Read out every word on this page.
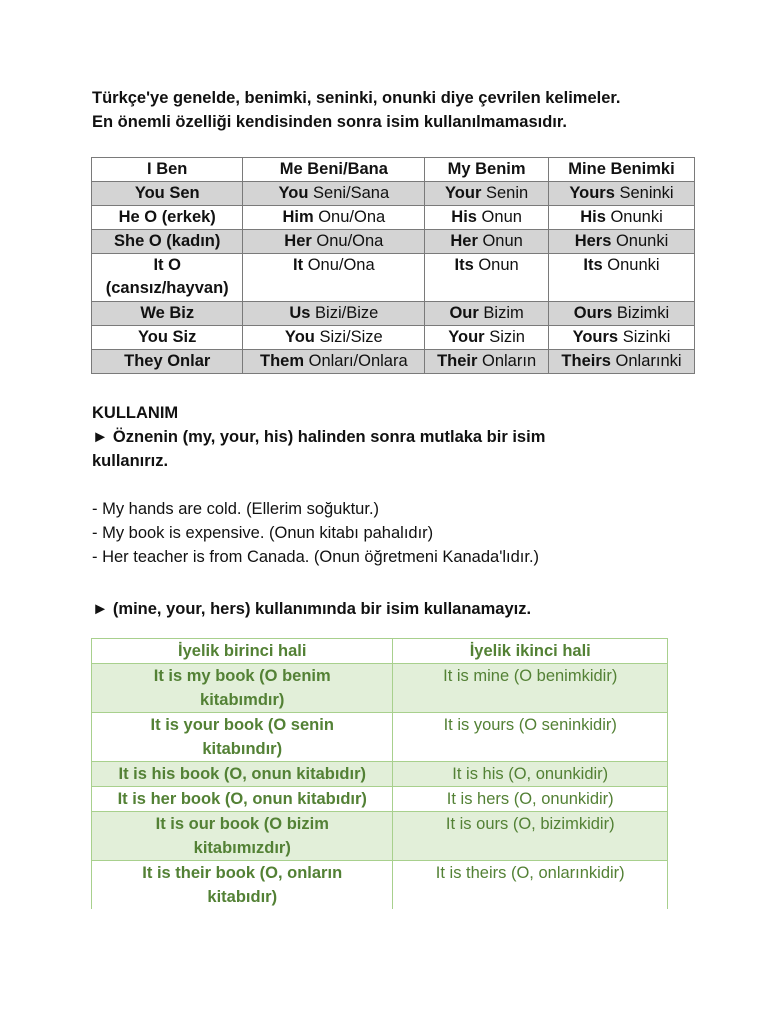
Türkçe'ye genelde, benimki, seninki, onunki diye çevrilen kelimeler.

En önemli özelliği kendisinden sonra isim kullanılmamasıdır.

I Ben	Me Beni/Bana	My Benim	Mine Benimki
You Sen	You Seni/Sana	Your Senin	Yours Seninki
He O (erkek)	Him Onu/Ona	His Onun	His Onunki
She O (kadın)	Her Onu/Ona	Her Onun	Hers Onunki
It O
(cansız/hayvan)	It Onu/Ona	Its Onun	Its Onunki
We Biz	Us Bizi/Bize	Our Bizim	Ours Bizimki
You Siz	You Sizi/Size	Your Sizin	Yours Sizinki
They Onlar	Them Onları/Onlara	Their Onların	Theirs Onlarınki

KULLANIM

► Öznenin (my, your, his) halinden sonra mutlaka bir isim

kullanırız.

- My hands are cold. (Ellerim soğuktur.)

- My book is expensive. (Onun kitabı pahalıdır)

- Her teacher is from Canada. (Onun öğretmeni Kanada'lıdır.)

► (mine, your, hers) kullanımında bir isim kullanamayız.

İyelik birinci hali	İyelik ikinci hali
It is my book (O benim
kitabımdır)	It is mine (O benimkidir)
It is your book (O senin
kitabındır)	It is yours (O seninkidir)
It is his book (O, onun kitabıdır)	It is his (O, onunkidir)
It is her book (O, onun kitabıdır)	It is hers (O, onunkidir)
It is our book (O bizim
kitabımızdır)	It is ours (O, bizimkidir)
It is their book (O, onların
kitabıdır)	It is theirs (O, onlarınkidir)
